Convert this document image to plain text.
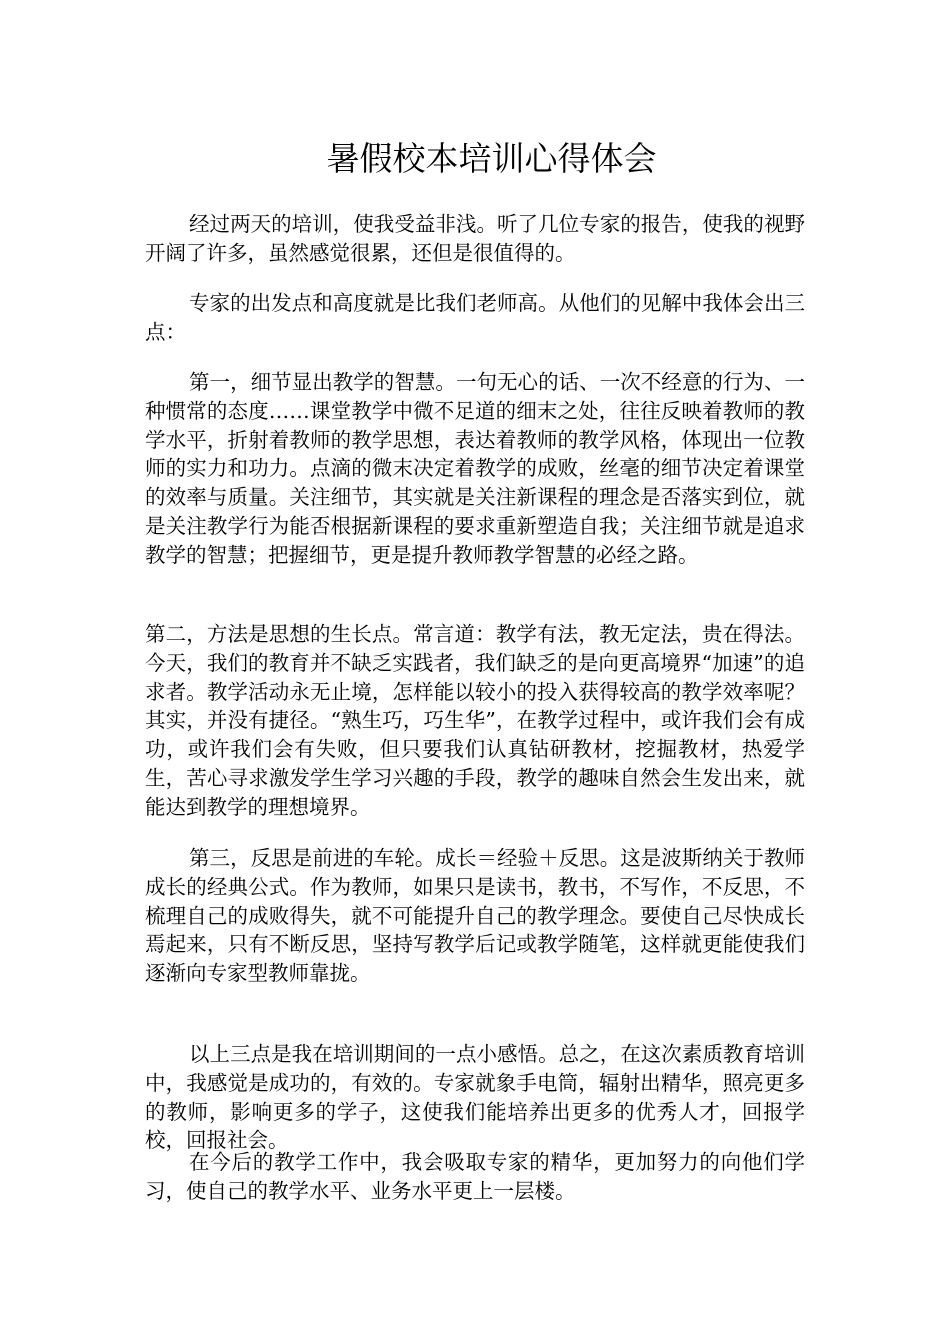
暑假校本培训心得体会

经过两天的培训，使我受益非浅。听了几位专家的报告，使我的视野开阔了许多，虽然感觉很累，还但是很值得的。

专家的出发点和高度就是比我们老师高。从他们的见解中我体会出三点：

第一，细节显出教学的智慧。一句无心的话、一次不经意的行为、一种惯常的态度……课堂教学中微不足道的细末之处，往往反映着教师的教学水平，折射着教师的教学思想，表达着教师的教学风格，体现出一位教师的实力和功力。点滴的微末决定着教学的成败，丝毫的细节决定着课堂的效率与质量。关注细节，其实就是关注新课程的理念是否落实到位，就是关注教学行为能否根据新课程的要求重新塑造自我；关注细节就是追求教学的智慧；把握细节，更是提升教师教学智慧的必经之路。

第二，方法是思想的生长点。常言道：教学有法，教无定法，贵在得法。今天，我们的教育并不缺乏实践者，我们缺乏的是向更高境界“加速”的追求者。教学活动永无止境，怎样能以较小的投入获得较高的教学效率呢？其实，并没有捷径。“熟生巧，巧生华”，在教学过程中，或许我们会有成功，或许我们会有失败，但只要我们认真钻研教材，挖掘教材，热爱学生，苦心寻求激发学生学习兴趣的手段，教学的趣味自然会生发出来，就能达到教学的理想境界。

第三，反思是前进的车轮。成长＝经验＋反思。这是波斯纳关于教师成长的经典公式。作为教师，如果只是读书，教书，不写作，不反思，不梳理自己的成败得失，就不可能提升自己的教学理念。要使自己尽快成长焉起来，只有不断反思，坚持写教学后记或教学随笔，这样就更能使我们逐渐向专家型教师靠拢。

以上三点是我在培训期间的一点小感悟。总之，在这次素质教育培训中，我感觉是成功的，有效的。专家就象手电筒，辐射出精华，照亮更多的教师，影响更多的学子，这使我们能培养出更多的优秀人才，回报学校，回报社会。

在今后的教学工作中，我会吸取专家的精华，更加努力的向他们学习，使自己的教学水平、业务水平更上一层楼。
